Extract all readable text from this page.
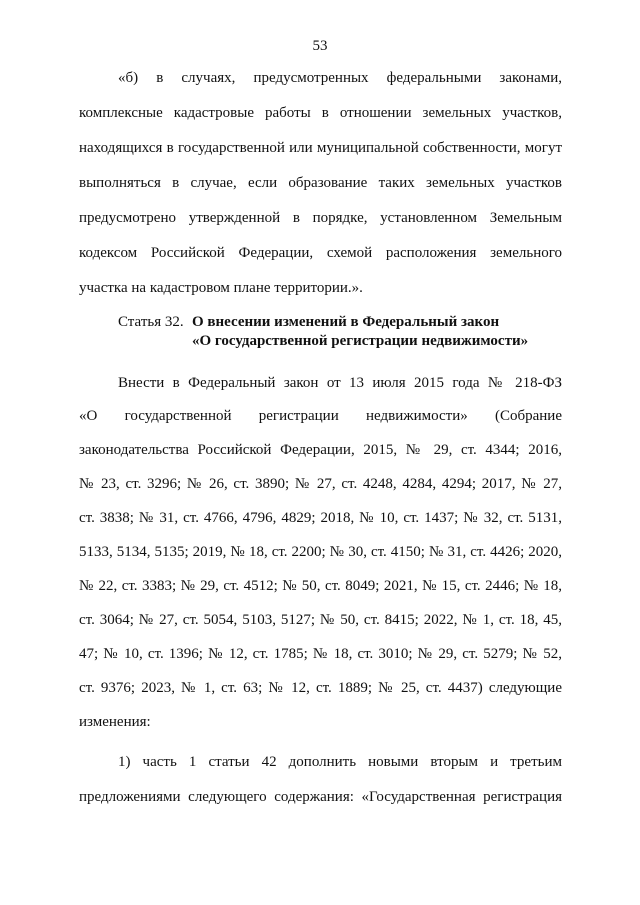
53
«б) в случаях, предусмотренных федеральными законами,
комплексные кадастровые работы в отношении земельных участков,
находящихся в государственной или муниципальной собственности, могут
выполняться в случае, если образование таких земельных участков
предусмотрено утвержденной в порядке, установленном Земельным
кодексом Российской Федерации, схемой расположения земельного
участка на кадастровом плане территории.».
Статья 32. О внесении изменений в Федеральный закон
«О государственной регистрации недвижимости»
Внести в Федеральный закон от 13 июля 2015 года № 218-ФЗ
«О государственной регистрации недвижимости» (Собрание
законодательства Российской Федерации, 2015, № 29, ст. 4344; 2016,
№ 23, ст. 3296; № 26, ст. 3890; № 27, ст. 4248, 4284, 4294; 2017, № 27,
ст. 3838; № 31, ст. 4766, 4796, 4829; 2018, № 10, ст. 1437; № 32, ст. 5131,
5133, 5134, 5135; 2019, № 18, ст. 2200; № 30, ст. 4150; № 31, ст. 4426; 2020,
№ 22, ст. 3383; № 29, ст. 4512; № 50, ст. 8049; 2021, № 15, ст. 2446; № 18,
ст. 3064; № 27, ст. 5054, 5103, 5127; № 50, ст. 8415; 2022, № 1, ст. 18, 45,
47; № 10, ст. 1396; № 12, ст. 1785; № 18, ст. 3010; № 29, ст. 5279; № 52,
ст. 9376; 2023, № 1, ст. 63; № 12, ст. 1889; № 25, ст. 4437) следующие
изменения:
1) часть 1 статьи 42 дополнить новыми вторым и третьим
предложениями следующего содержания: «Государственная регистрация
